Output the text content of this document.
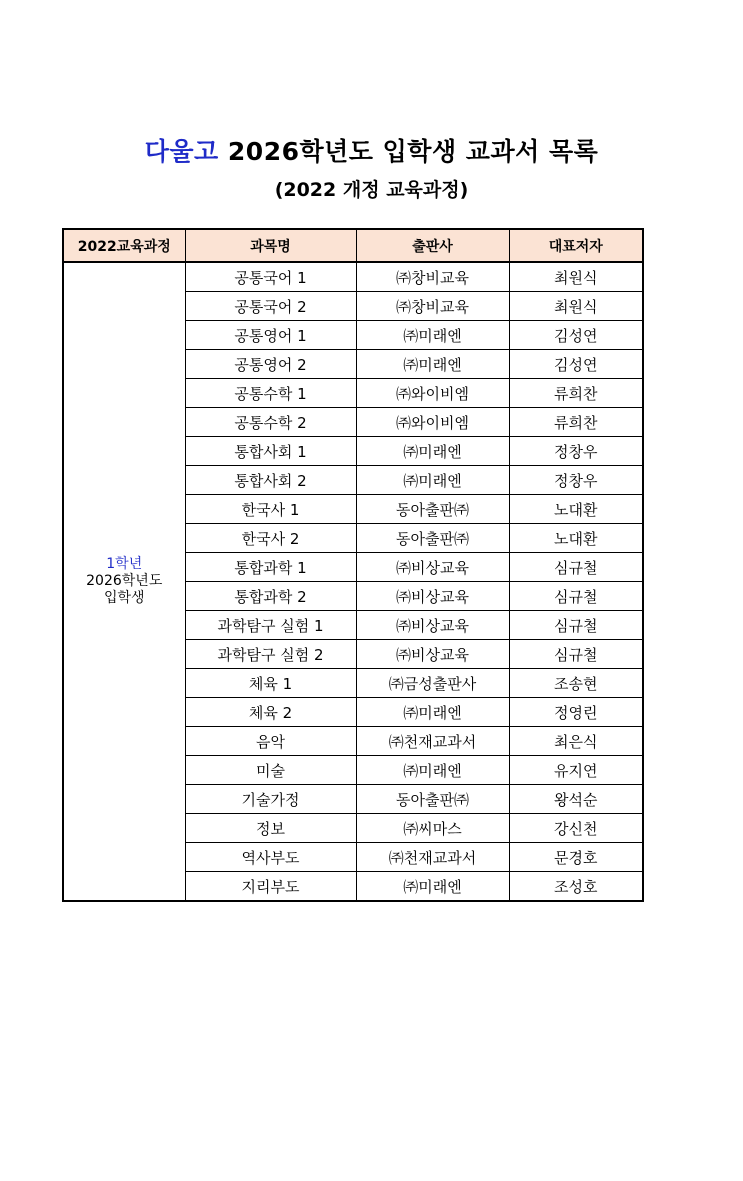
다울고 2026학년도 입학생 교과서 목록
(2022 개정 교육과정)
2022교육과정	과목명	출판사	대표저자

1학년
2026학년도
입학생	공통국어 1	㈜창비교육	최원식
	공통국어 2	㈜창비교육	최원식
	공통영어 1	㈜미래엔	김성연
	공통영어 2	㈜미래엔	김성연
	공통수학 1	㈜와이비엠	류희찬
	공통수학 2	㈜와이비엠	류희찬
	통합사회 1	㈜미래엔	정창우
	통합사회 2	㈜미래엔	정창우
	한국사 1	동아출판㈜	노대환
	한국사 2	동아출판㈜	노대환
	통합과학 1	㈜비상교육	심규철
	통합과학 2	㈜비상교육	심규철
	과학탐구 실험 1	㈜비상교육	심규철
	과학탐구 실험 2	㈜비상교육	심규철
	체육 1	㈜금성출판사	조송현
	체육 2	㈜미래엔	정영린
	음악	㈜천재교과서	최은식
	미술	㈜미래엔	유지연
	기술가정	동아출판㈜	왕석순
	정보	㈜씨마스	강신천
	역사부도	㈜천재교과서	문경호
	지리부도	㈜미래엔	조성호
